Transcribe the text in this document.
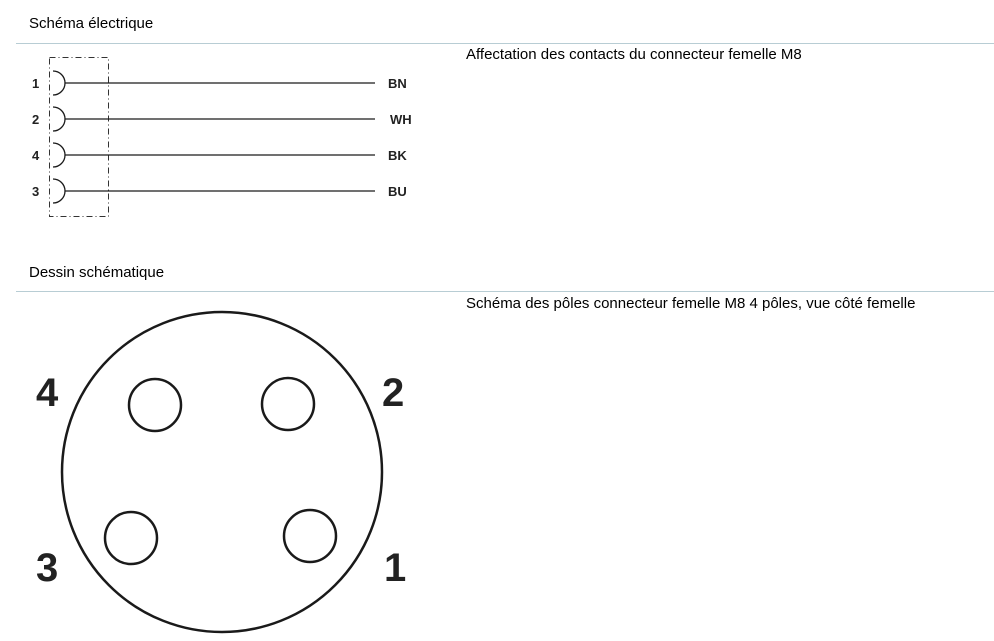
Schéma électrique
Affectation des contacts du connecteur femelle M8
1
2
4
3
BN
WH
BK
BU
4	2
3	1
Dessin schématique
Schéma des pôles connecteur femelle M8 4 pôles, vue côté femelle
